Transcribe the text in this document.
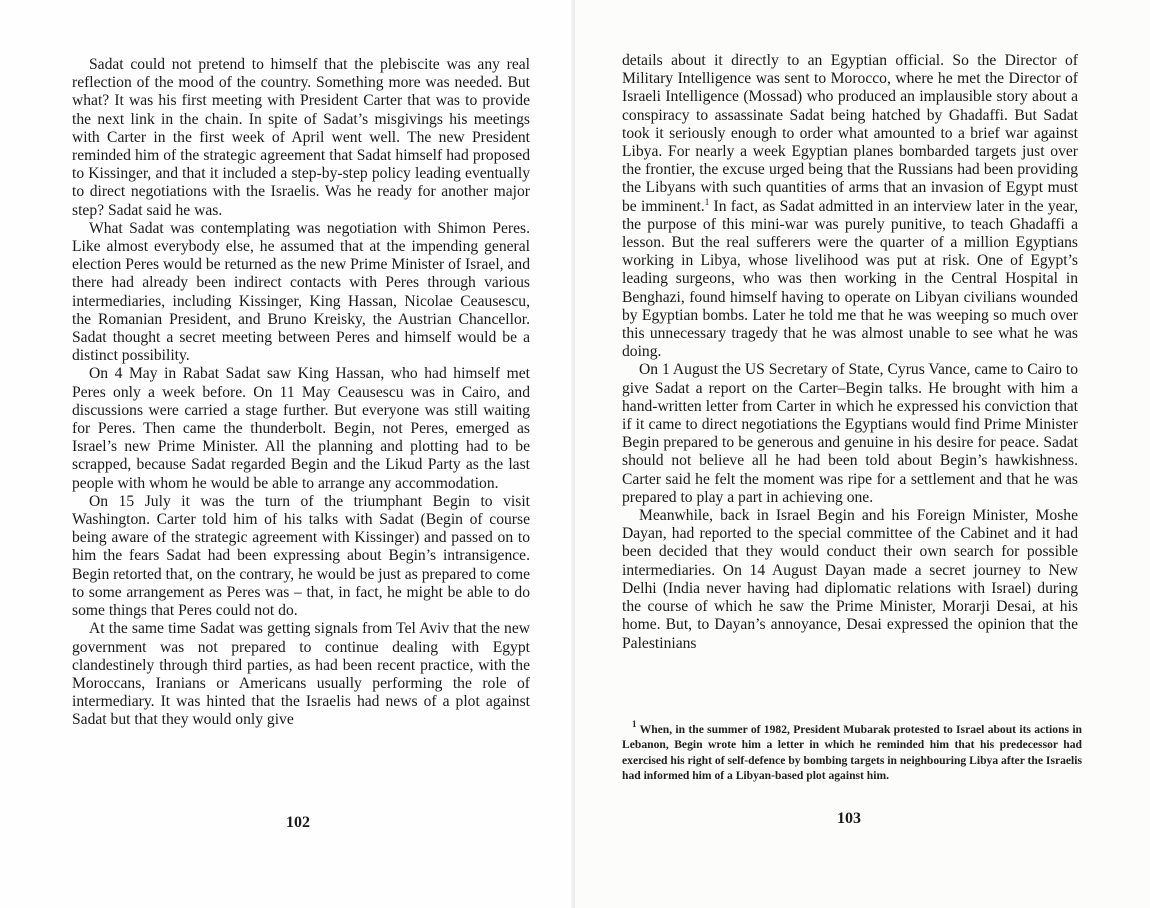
Sadat could not pretend to himself that the plebiscite was any real reflection of the mood of the country. Something more was needed. But what? It was his first meeting with President Carter that was to provide the next link in the chain. In spite of Sadat’s misgivings his meetings with Carter in the first week of April went well. The new President reminded him of the strategic agreement that Sadat himself had proposed to Kissinger, and that it included a step-by-step policy leading eventually to direct negotiations with the Israelis. Was he ready for another major step? Sadat said he was.

What Sadat was contemplating was negotiation with Shimon Peres. Like almost everybody else, he assumed that at the impending general election Peres would be returned as the new Prime Minister of Israel, and there had already been indirect contacts with Peres through various intermediaries, including Kissinger, King Hassan, Nicolae Ceausescu, the Romanian President, and Bruno Kreisky, the Austrian Chancellor. Sadat thought a secret meeting between Peres and himself would be a distinct possibility.

On 4 May in Rabat Sadat saw King Hassan, who had himself met Peres only a week before. On 11 May Ceausescu was in Cairo, and discussions were carried a stage further. But everyone was still waiting for Peres. Then came the thunderbolt. Begin, not Peres, emerged as Israel’s new Prime Minister. All the planning and plotting had to be scrapped, because Sadat regarded Begin and the Likud Party as the last people with whom he would be able to arrange any accommodation.

On 15 July it was the turn of the triumphant Begin to visit Washington. Carter told him of his talks with Sadat (Begin of course being aware of the strategic agreement with Kissinger) and passed on to him the fears Sadat had been expressing about Begin’s intransigence. Begin retorted that, on the contrary, he would be just as prepared to come to some arrangement as Peres was – that, in fact, he might be able to do some things that Peres could not do.

At the same time Sadat was getting signals from Tel Aviv that the new government was not prepared to continue dealing with Egypt clandestinely through third parties, as had been recent practice, with the Moroccans, Iranians or Americans usually performing the role of intermediary. It was hinted that the Israelis had news of a plot against Sadat but that they would only give

102

details about it directly to an Egyptian official. So the Director of Military Intelligence was sent to Morocco, where he met the Director of Israeli Intelligence (Mossad) who produced an implausible story about a conspiracy to assassinate Sadat being hatched by Ghadaffi. But Sadat took it seriously enough to order what amounted to a brief war against Libya. For nearly a week Egyptian planes bombarded targets just over the frontier, the excuse urged being that the Russians had been providing the Libyans with such quantities of arms that an invasion of Egypt must be imminent.$^1$ In fact, as Sadat admitted in an interview later in the year, the purpose of this mini-war was purely punitive, to teach Ghadaffi a lesson. But the real sufferers were the quarter of a million Egyptians working in Libya, whose livelihood was put at risk. One of Egypt’s leading surgeons, who was then working in the Central Hospital in Benghazi, found himself having to operate on Libyan civilians wounded by Egyptian bombs. Later he told me that he was weeping so much over this unnecessary tragedy that he was almost unable to see what he was doing.

On 1 August the US Secretary of State, Cyrus Vance, came to Cairo to give Sadat a report on the Carter–Begin talks. He brought with him a hand-written letter from Carter in which he expressed his conviction that if it came to direct negotiations the Egyptians would find Prime Minister Begin prepared to be generous and genuine in his desire for peace. Sadat should not believe all he had been told about Begin’s hawkishness. Carter said he felt the moment was ripe for a settlement and that he was prepared to play a part in achieving one.

Meanwhile, back in Israel Begin and his Foreign Minister, Moshe Dayan, had reported to the special committee of the Cabinet and it had been decided that they would conduct their own search for possible intermediaries. On 14 August Dayan made a secret journey to New Delhi (India never having had diplomatic relations with Israel) during the course of which he saw the Prime Minister, Morarji Desai, at his home. But, to Dayan’s annoyance, Desai expressed the opinion that the Palestinians

$^1$ When, in the summer of 1982, President Mubarak protested to Israel about its actions in Lebanon, Begin wrote him a letter in which he reminded him that his predecessor had exercised his right of self-defence by bombing targets in neighbouring Libya after the Israelis had informed him of a Libyan-based plot against him.

103
